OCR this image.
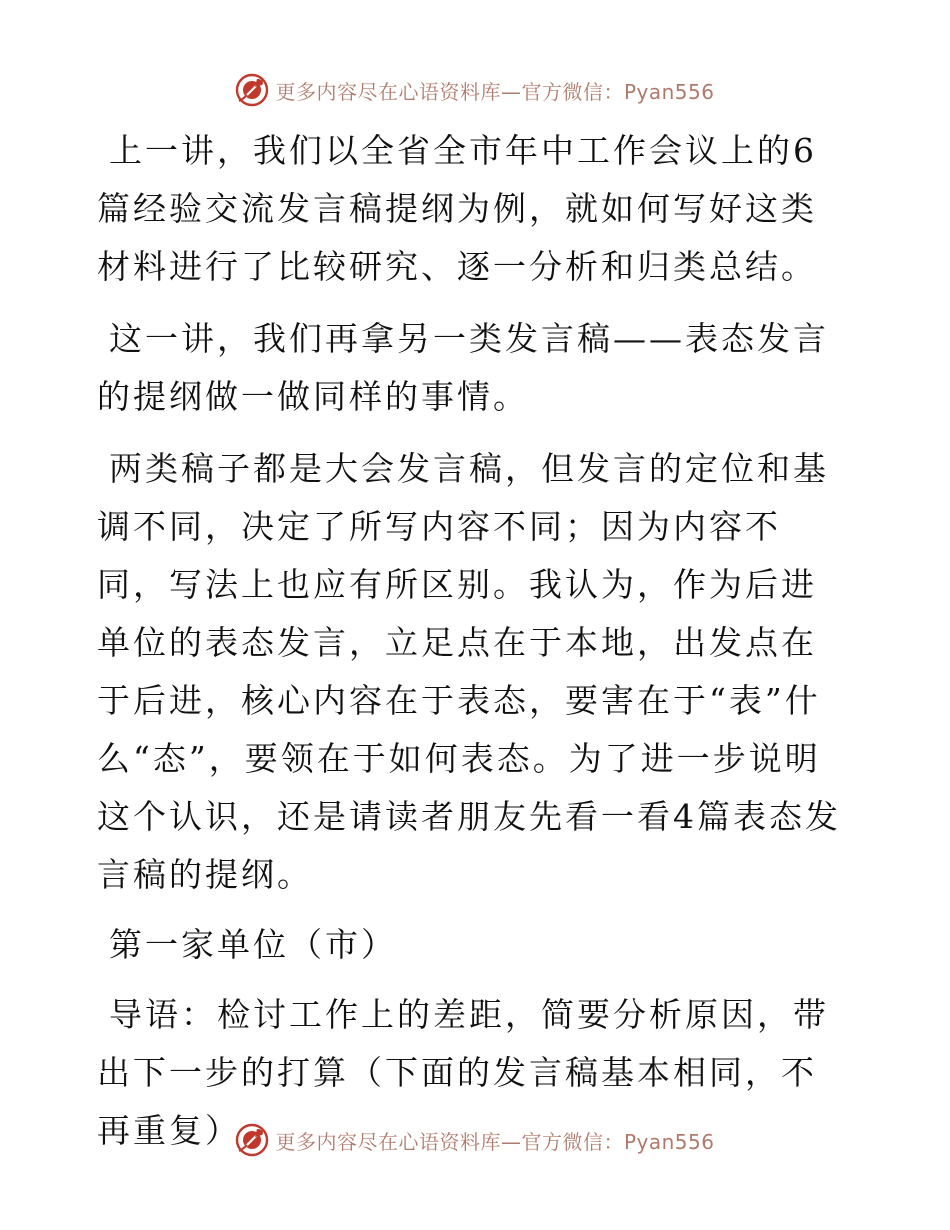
更多内容尽在心语资料库—官方微信：Pyan556

上一讲，我们以全省全市年中工作会议上的6篇经验交流发言稿提纲为例，就如何写好这类材料进行了比较研究、逐一分析和归类总结。

这一讲，我们再拿另一类发言稿——表态发言的提纲做一做同样的事情。

两类稿子都是大会发言稿，但发言的定位和基调不同，决定了所写内容不同；因为内容不同，写法上也应有所区别。我认为，作为后进单位的表态发言，立足点在于本地，出发点在于后进，核心内容在于表态，要害在于“表”什么“态”，要领在于如何表态。为了进一步说明这个认识，还是请读者朋友先看一看4篇表态发言稿的提纲。

第一家单位（市）

导语：检讨工作上的差距，简要分析原因，带出下一步的打算（下面的发言稿基本相同，不再重复）	更多内容尽在心语资料库—官方微信：Pyan556
